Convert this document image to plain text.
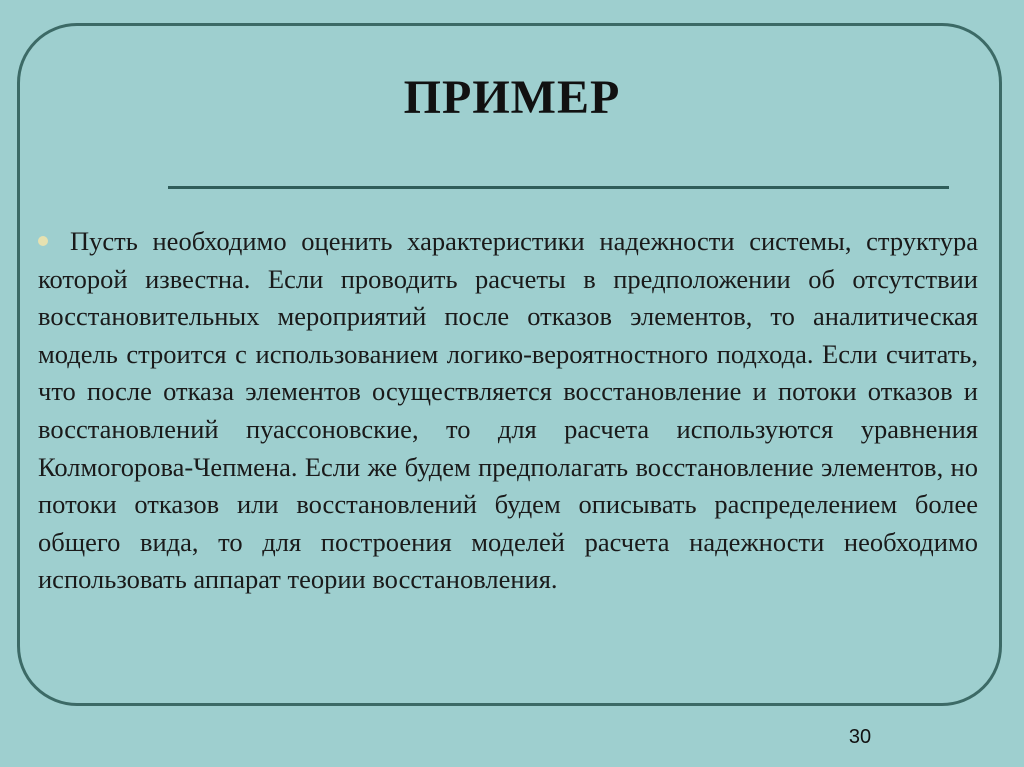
ПРИМЕР

Пусть необходимо оценить характеристики надежности системы, структура которой известна. Если проводить расчеты в предположении об отсутствии восстановительных мероприятий после отказов элементов, то аналитическая модель строится с использованием логико-вероятностного подхода. Если считать, что после отказа элементов осуществляется восстановление и потоки отказов и восстановлений пуассоновские, то для расчета используются уравнения Колмогорова-Чепмена. Если же будем предполагать восстановление элементов, но потоки отказов или восстановлений будем описывать распределением более общего вида, то для построения моделей расчета надежности необходимо использовать аппарат теории восстановления.

30
